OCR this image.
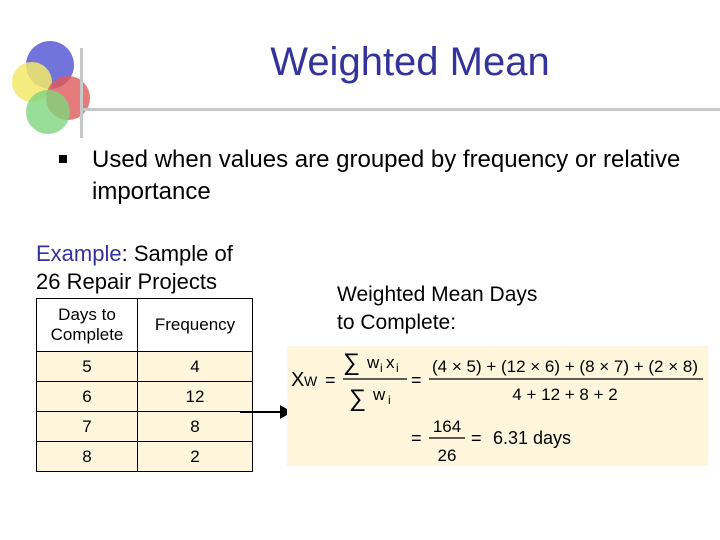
Weighted Mean
Used when values are grouped by frequency or relative importance
Example: Sample of
26 Repair Projects
Days to Complete	Frequency
5	4
6	12
7	8
8	2
Weighted Mean Days
to Complete:
X W =
∑ w i x i
∑ w i
=
(4 × 5) + (12 × 6) + (8 × 7) + (2 × 8)
4 + 12 + 8 + 2
=
164
26
= 6.31 days
